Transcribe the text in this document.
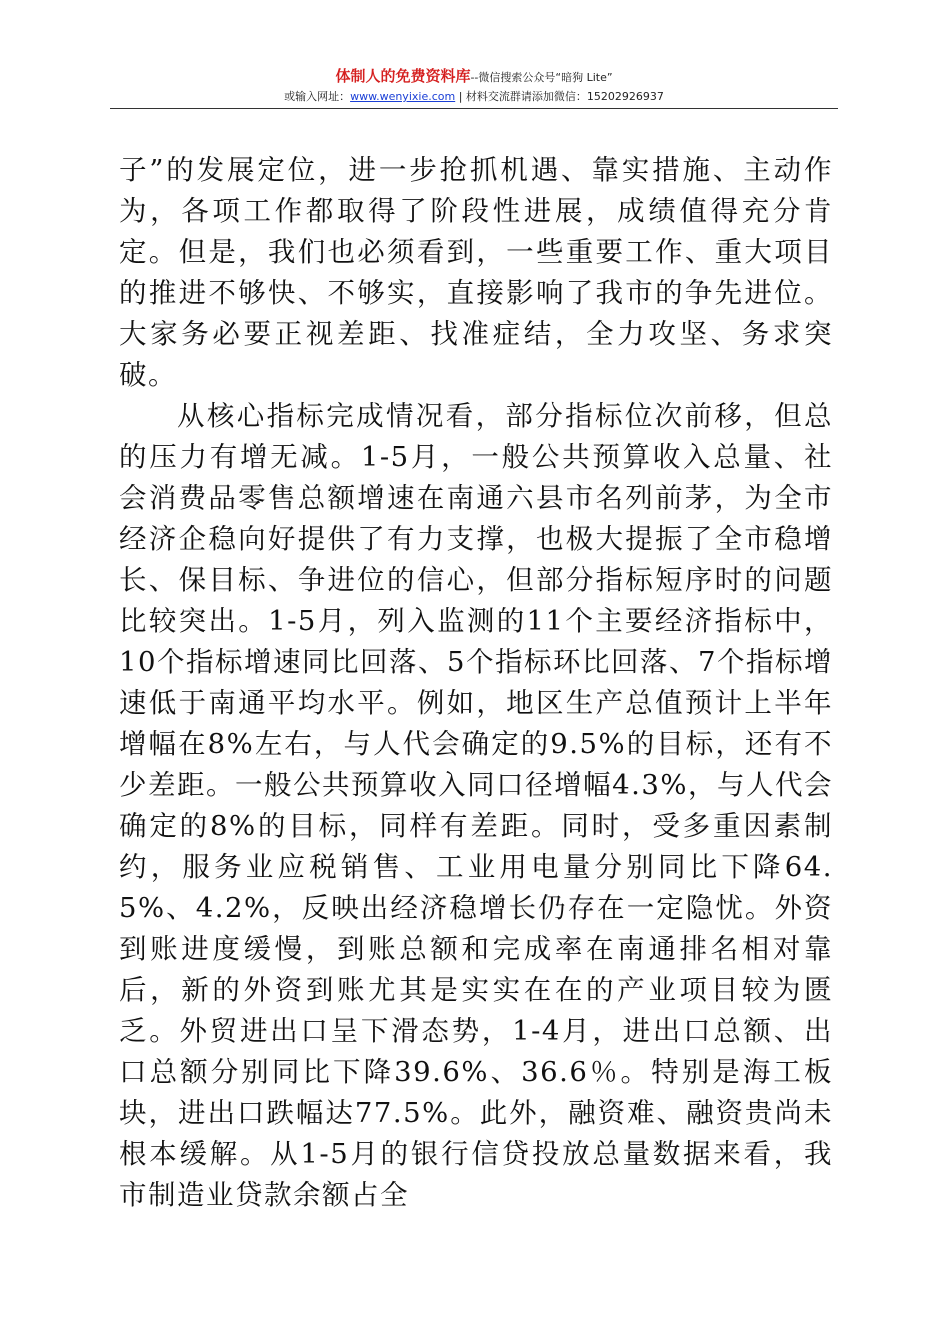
体制人的免费资料库--微信搜索公众号“暗狗 Lite”
或输入网址：www.wenyixie.com | 材料交流群请添加微信：15202926937

子”的发展定位，进一步抢抓机遇、靠实措施、主动作为，各项工作都取得了阶段性进展，成绩值得充分肯定。但是，我们也必须看到，一些重要工作、重大项目的推进不够快、不够实，直接影响了我市的争先进位。大家务必要正视差距、找准症结，全力攻坚、务求突破。

从核心指标完成情况看，部分指标位次前移，但总的压力有增无减。1-5月，一般公共预算收入总量、社会消费品零售总额增速在南通六县市名列前茅，为全市经济企稳向好提供了有力支撑，也极大提振了全市稳增长、保目标、争进位的信心，但部分指标短序时的问题比较突出。1-5月，列入监测的11个主要经济指标中，10个指标增速同比回落、5个指标环比回落、7个指标增速低于南通平均水平。例如，地区生产总值预计上半年增幅在8%左右，与人代会确定的9.5%的目标，还有不少差距。一般公共预算收入同口径增幅4.3%，与人代会确定的8%的目标，同样有差距。同时，受多重因素制约，服务业应税销售、工业用电量分别同比下降64.5%、4.2%，反映出经济稳增长仍存在一定隐忧。外资到账进度缓慢，到账总额和完成率在南通排名相对靠后，新的外资到账尤其是实实在在的产业项目较为匮乏。外贸进出口呈下滑态势，1-4月，进出口总额、出口总额分别同比下降39.6%、36.6％。特别是海工板块，进出口跌幅达77.5%。此外，融资难、融资贵尚未根本缓解。从1-5月的银行信贷投放总量数据来看，我市制造业贷款余额占全
